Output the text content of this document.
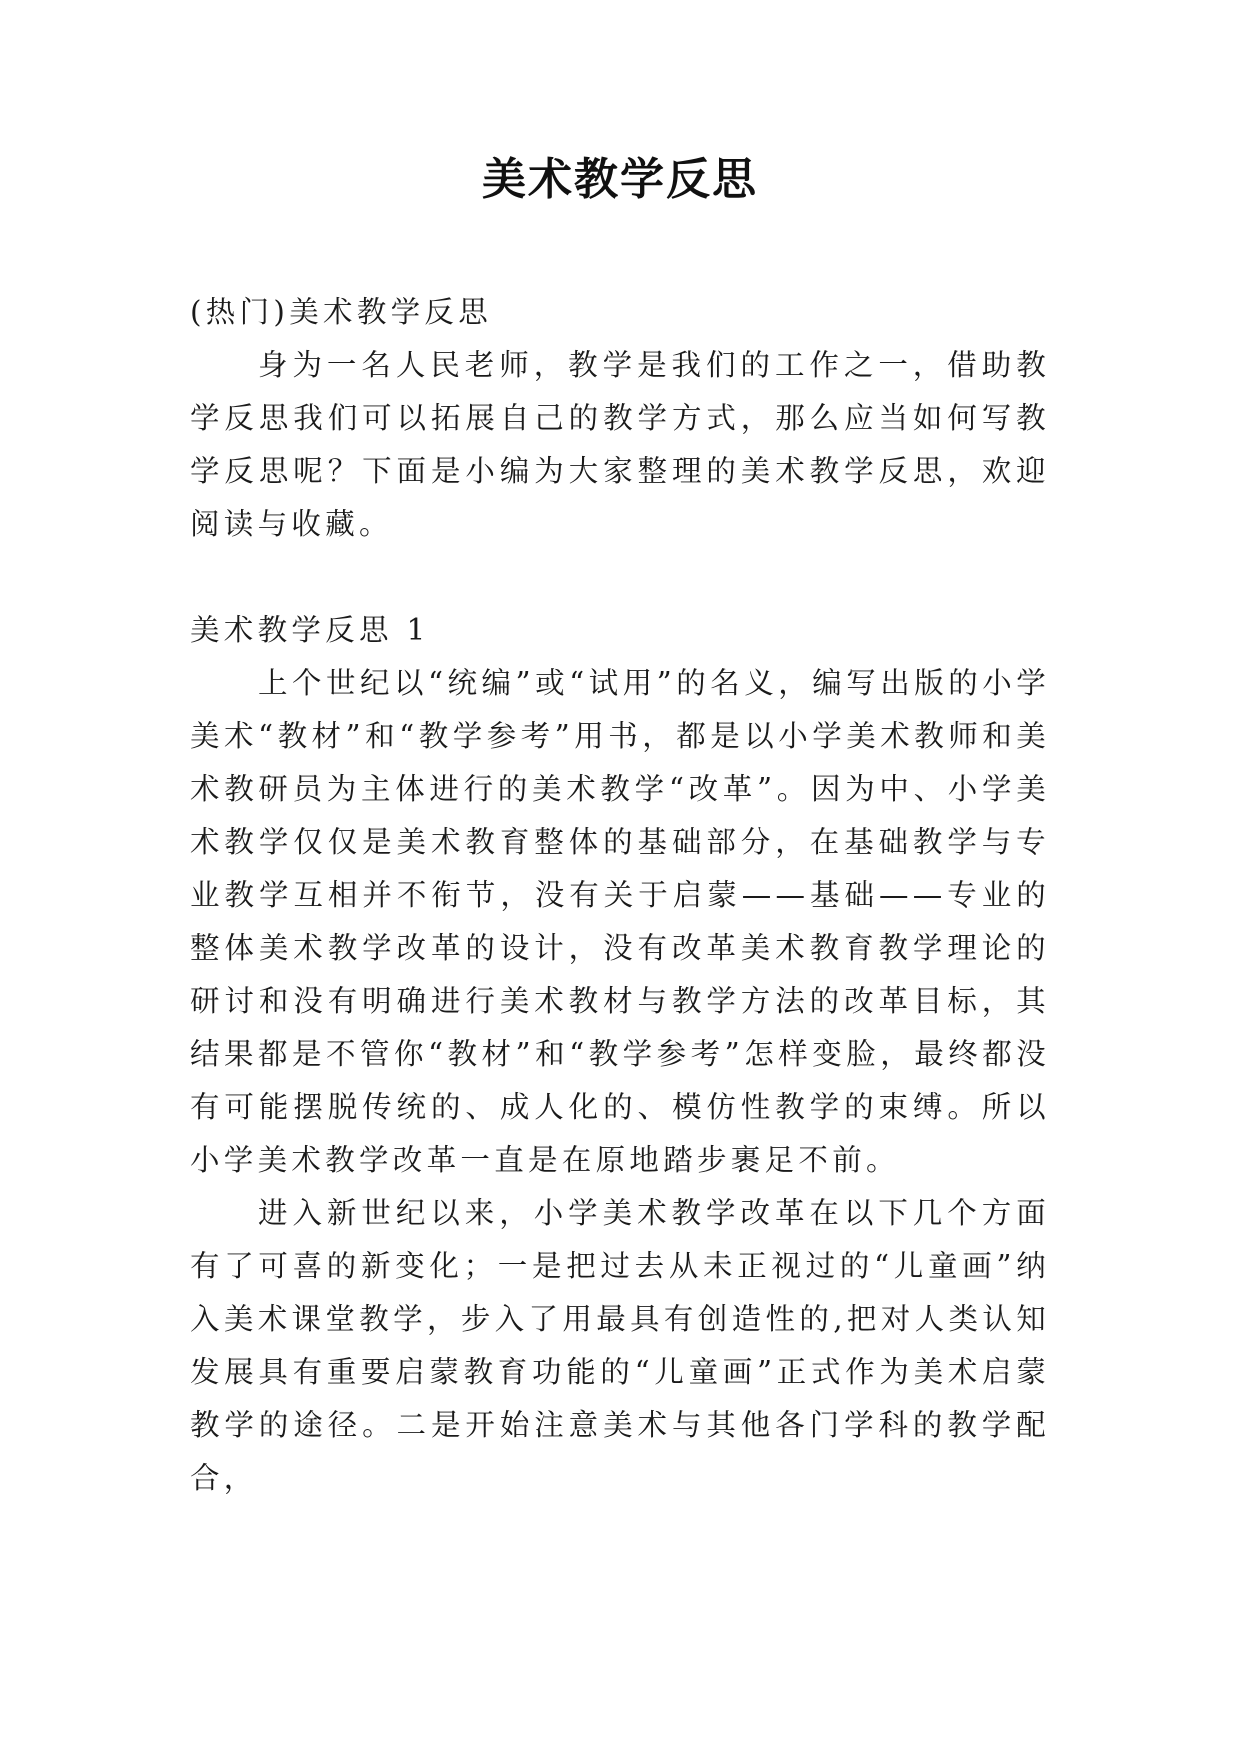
美术教学反思

(热门)美术教学反思

身为一名人民老师，教学是我们的工作之一，借助教学反思我们可以拓展自己的教学方式，那么应当如何写教学反思呢？下面是小编为大家整理的美术教学反思，欢迎阅读与收藏。

美术教学反思 1

上个世纪以“统编”或“试用”的名义，编写出版的小学美术“教材”和“教学参考”用书，都是以小学美术教师和美术教研员为主体进行的美术教学“改革”。因为中、小学美术教学仅仅是美术教育整体的基础部分，在基础教学与专业教学互相并不衔节，没有关于启蒙——基础——专业的整体美术教学改革的设计，没有改革美术教育教学理论的研讨和没有明确进行美术教材与教学方法的改革目标，其结果都是不管你“教材”和“教学参考”怎样变脸，最终都没有可能摆脱传统的、成人化的、模仿性教学的束缚。所以小学美术教学改革一直是在原地踏步裹足不前。

进入新世纪以来，小学美术教学改革在以下几个方面有了可喜的新变化；一是把过去从未正视过的“儿童画”纳入美术课堂教学，步入了用最具有创造性的,把对人类认知发展具有重要启蒙教育功能的“儿童画”正式作为美术启蒙教学的途径。二是开始注意美术与其他各门学科的教学配合，
